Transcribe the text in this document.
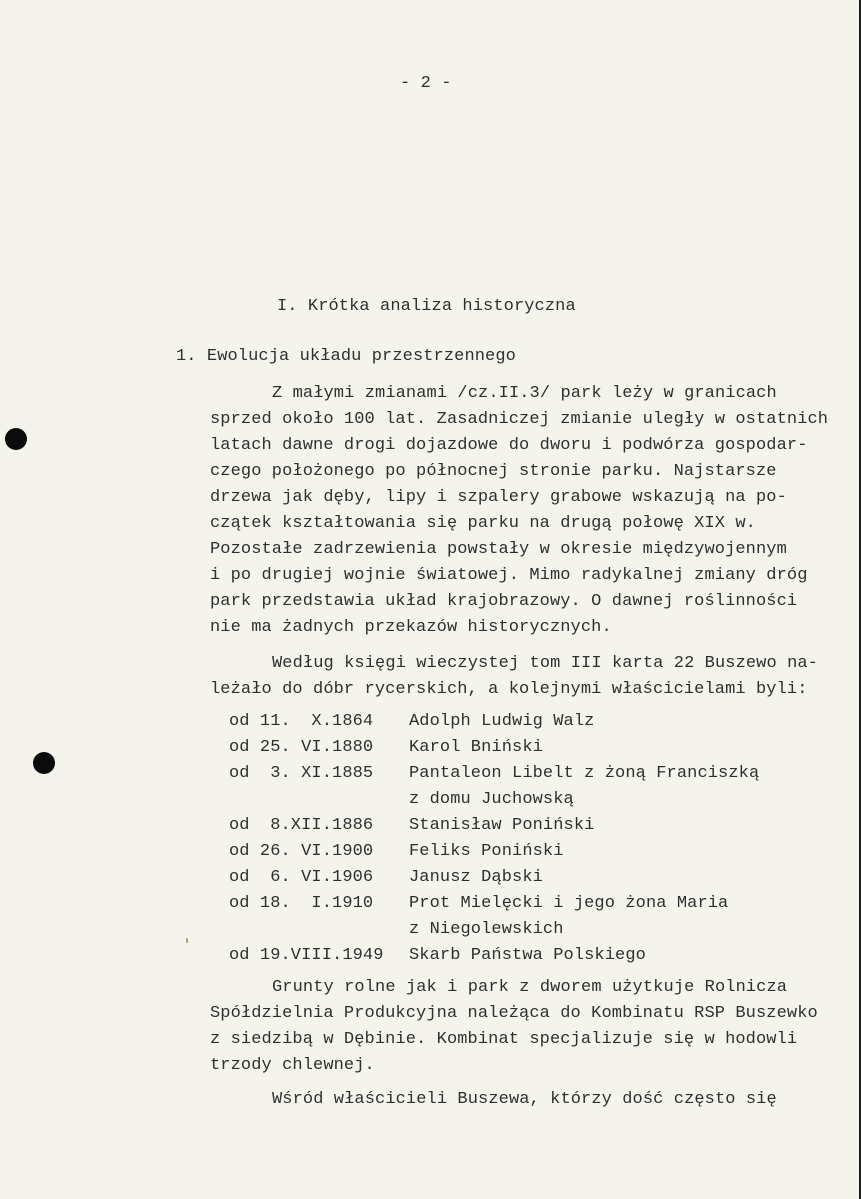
- 2 -
I. Krótka analiza historyczna
1. Ewolucja układu przestrzennego
Z małymi zmianami /cz.II.3/ park leży w granicach
sprzed około 100 lat. Zasadniczej zmianie uległy w ostatnich
latach dawne drogi dojazdowe do dworu i podwórza gospodar-
czego położonego po północnej stronie parku. Najstarsze
drzewa jak dęby, lipy i szpalery grabowe wskazują na po-
czątek kształtowania się parku na drugą połowę XIX w.
Pozostałe zadrzewienia powstały w okresie międzywojennym
i po drugiej wojnie światowej. Mimo radykalnej zmiany dróg
park przedstawia układ krajobrazowy. O dawnej roślinności
nie ma żadnych przekazów historycznych.
Według księgi wieczystej tom III karta 22 Buszewo na-
leżało do dóbr rycerskich, a kolejnymi właścicielami byli:
od 11.  X.1864 Adolph Ludwig Walz
od 25. VI.1880 Karol Bniński
od  3. XI.1885 Pantaleon Libelt z żoną Franciszką
z domu Juchowską
od  8.XII.1886 Stanisław Poniński
od 26. VI.1900 Feliks Poniński
od  6. VI.1906 Janusz Dąbski
od 18.  I.1910 Prot Mielęcki i jego żona Maria
z Niegolewskich
od 19.VIII.1949 Skarb Państwa Polskiego
Grunty rolne jak i park z dworem użytkuje Rolnicza
Spółdzielnia Produkcyjna należąca do Kombinatu RSP Buszewko
z siedzibą w Dębinie. Kombinat specjalizuje się w hodowli
trzody chlewnej.
Wśród właścicieli Buszewa, którzy dość często się
